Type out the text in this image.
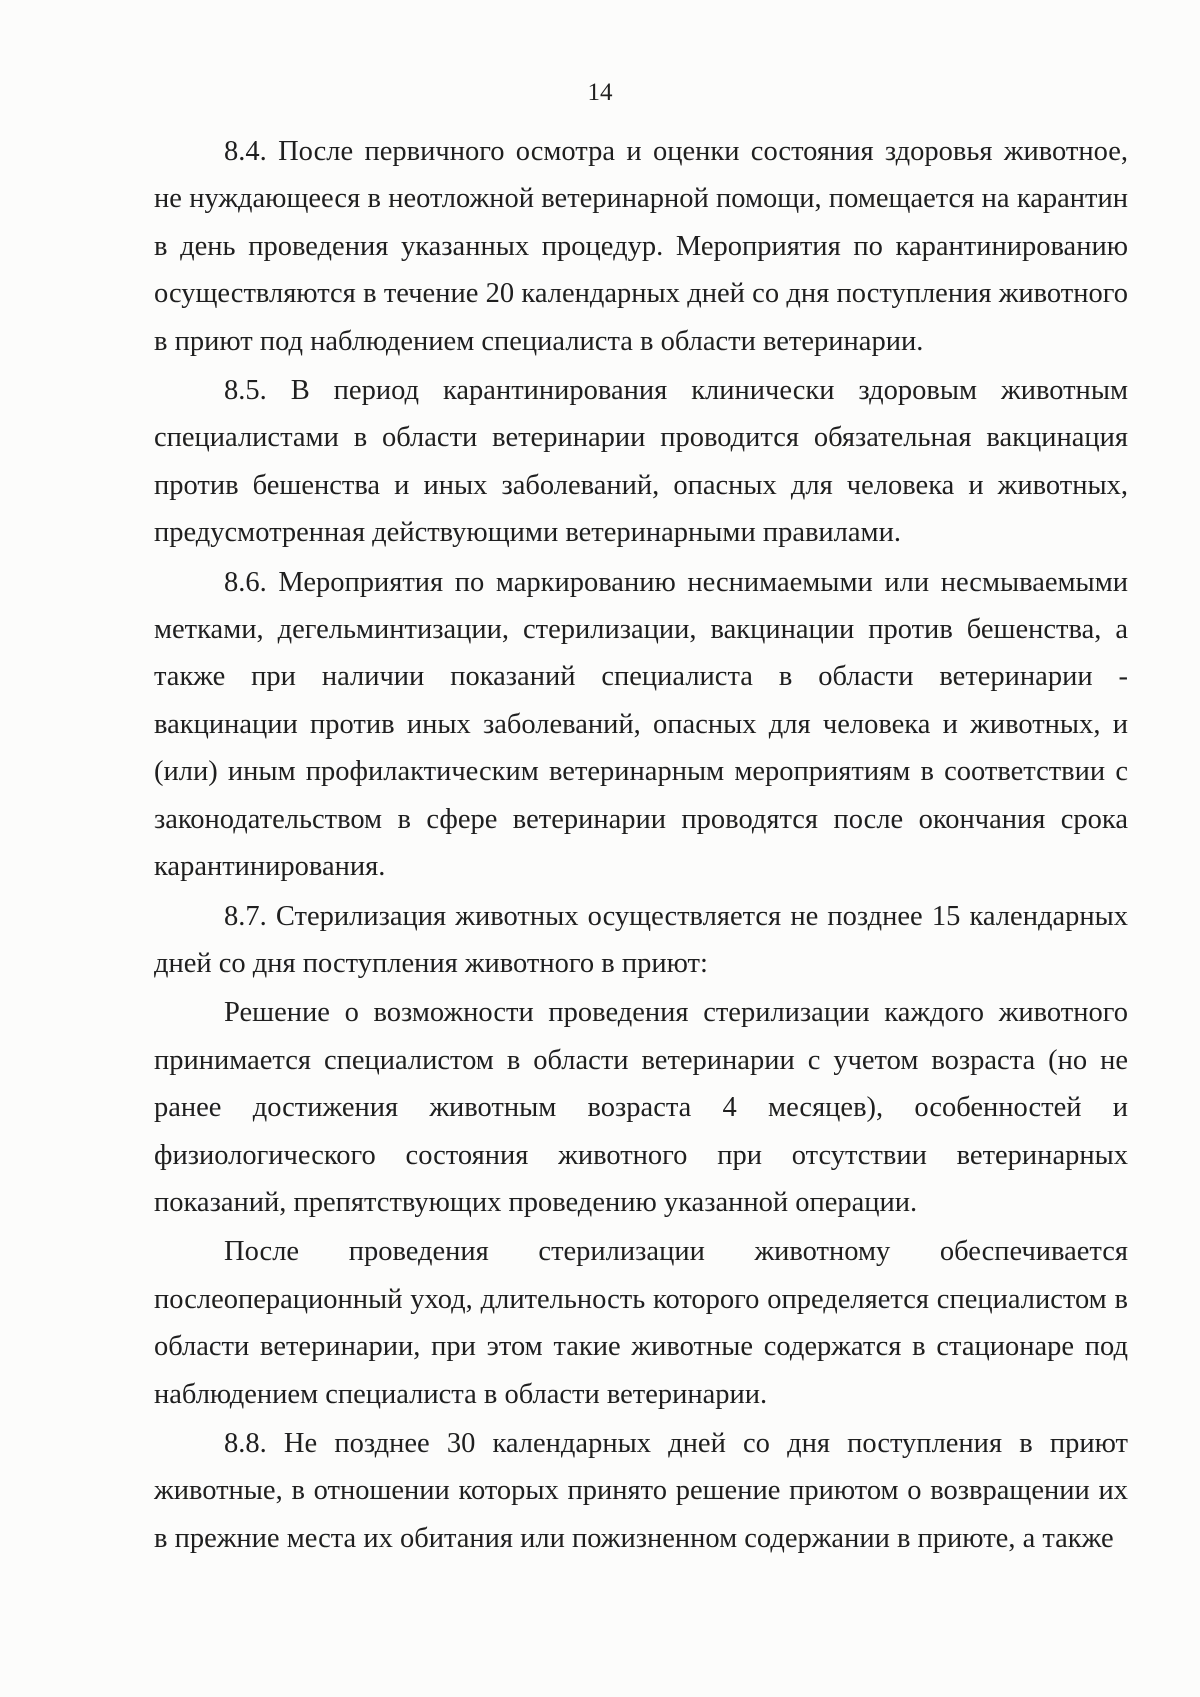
14

8.4. После первичного осмотра и оценки состояния здоровья животное, не нуждающееся в неотложной ветеринарной помощи, помещается на карантин в день проведения указанных процедур. Мероприятия по карантинированию осуществляются в течение 20 календарных дней со дня поступления животного в приют под наблюдением специалиста в области ветеринарии.

8.5. В период карантинирования клинически здоровым животным специалистами в области ветеринарии проводится обязательная вакцинация против бешенства и иных заболеваний, опасных для человека и животных, предусмотренная действующими ветеринарными правилами.

8.6. Мероприятия по маркированию неснимаемыми или несмываемыми метками, дегельминтизации, стерилизации, вакцинации против бешенства, а также при наличии показаний специалиста в области ветеринарии - вакцинации против иных заболеваний, опасных для человека и животных, и (или) иным профилактическим ветеринарным мероприятиям в соответствии с законодательством в сфере ветеринарии проводятся после окончания срока карантинирования.

8.7. Стерилизация животных осуществляется не позднее 15 календарных дней со дня поступления животного в приют:

Решение о возможности проведения стерилизации каждого животного принимается специалистом в области ветеринарии с учетом возраста (но не ранее достижения животным возраста 4 месяцев), особенностей и физиологического состояния животного при отсутствии ветеринарных показаний, препятствующих проведению указанной операции.

После проведения стерилизации животному обеспечивается послеоперационный уход, длительность которого определяется специалистом в области ветеринарии, при этом такие животные содержатся в стационаре под наблюдением специалиста в области ветеринарии.

8.8. Не позднее 30 календарных дней со дня поступления в приют животные, в отношении которых принято решение приютом о возвращении их в прежние места их обитания или пожизненном содержании в приюте, а также
